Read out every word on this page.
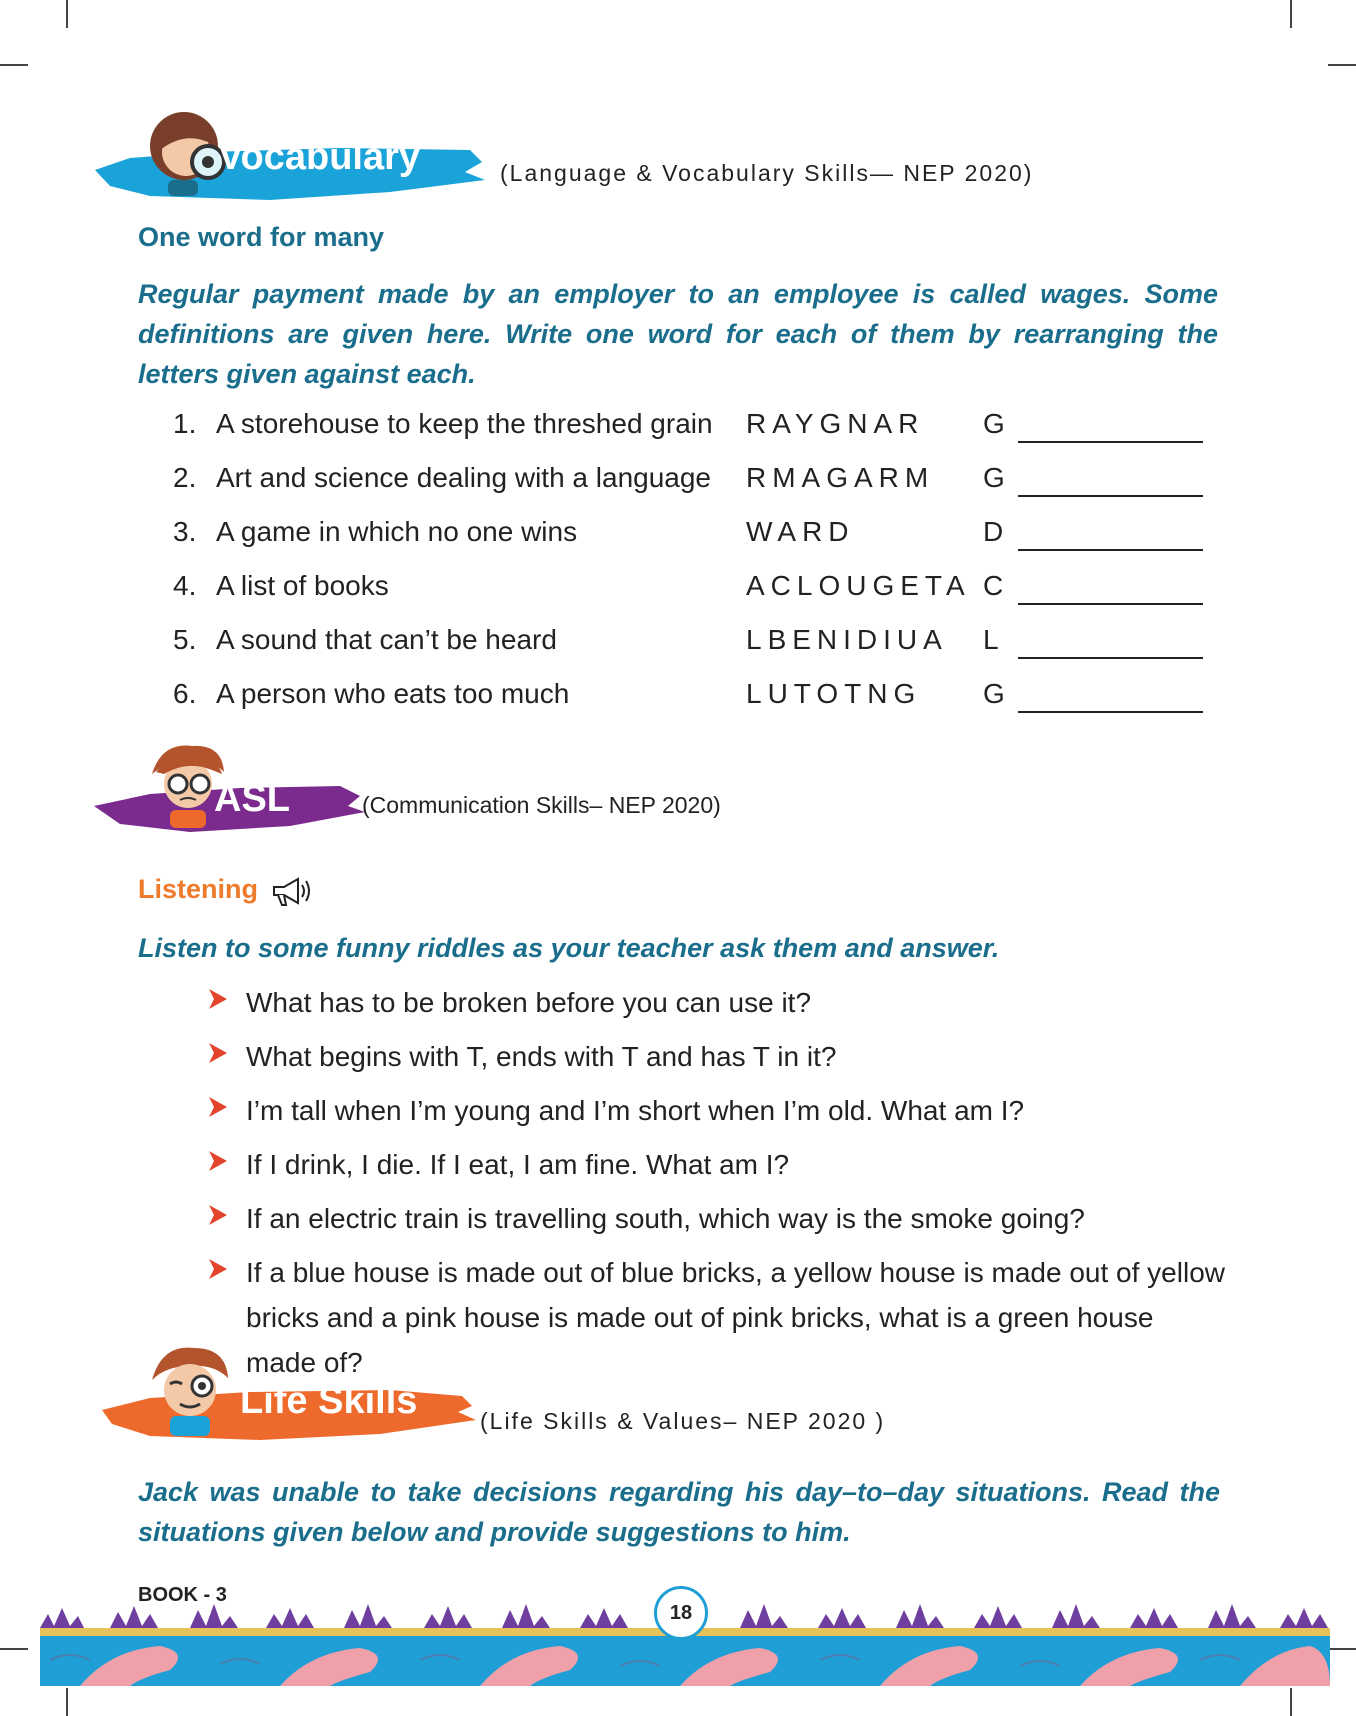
Vocabulary	(Language & Vocabulary Skills— NEP 2020)
One word for many
Regular payment made by an employer to an employee is called wages. Some definitions are given here. Write one word for each of them by rearranging the letters given against each.
1. A storehouse to keep the threshed grain RAYGNAR G
2. Art and science dealing with a language RMAGARM G
3. A game in which no one wins	WARD	D
4. A list of books	ACLOUGETA C
5. A sound that can’t be heard	LBENIDIUA L
6. A person who eats too much	LUTOTNG G
ASL	(Communication Skills– NEP 2020)
Listening
Listen to some funny riddles as your teacher ask them and answer.
What has to be broken before you can use it?
What begins with T, ends with T and has T in it?
I’m tall when I’m young and I’m short when I’m old. What am I?
If I drink, I die. If I eat, I am fine. What am I?
If an electric train is travelling south, which way is the smoke going?
If a blue house is made out of blue bricks, a yellow house is made out of yellow bricks and a pink house is made out of pink bricks, what is a green house made of?
Life Skills	(Life Skills & Values– NEP 2020 )
Jack was unable to take decisions regarding his day–to–day situations. Read the situations given below and provide suggestions to him.
BOOK - 3
18
